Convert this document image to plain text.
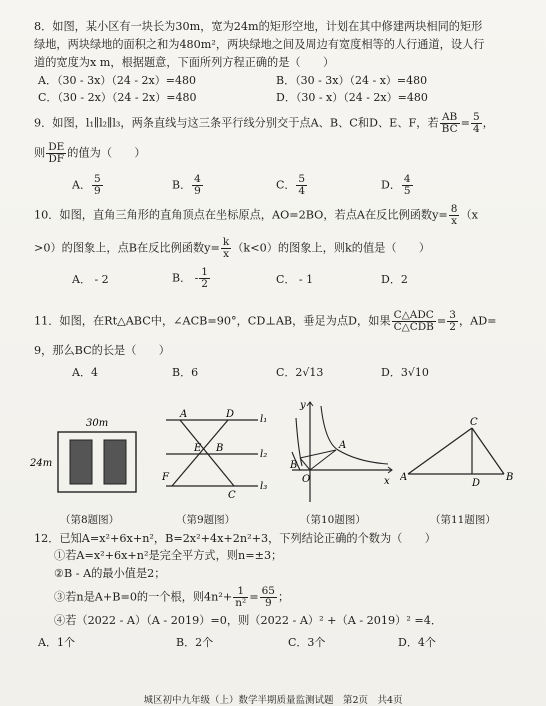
8．如图，某小区有一块长为30m，宽为24m的矩形空地，计划在其中修建两块相同的矩形
绿地，两块绿地的面积之和为480m²，两块绿地之间及周边有宽度相等的人行通道，设人行
道的宽度为x m，根据题意，下面所列方程正确的是（　　）
A．（30 - 3x）（24 - 2x）=480	B．（30 - 3x）（24 - x）=480
C．（30 - 2x）（24 - 2x）=480	D．（30 - x）（24 - 2x）=480
9．如图，l₁∥l₂∥l₃，两条直线与这三条平行线分别交于点A、B、C和D、E、F，若 $\frac{AB}{BC} = \frac{5}{4}$ ，
则 $\frac{DE}{DF}$ 的值为（　　）
A． $\frac{5}{9}$	B． $\frac{4}{9}$	C． $\frac{5}{4}$	D． $\frac{4}{5}$
10．如图，直角三角形的直角顶点在坐标原点，AO=2BO，若点A在反比例函数$y= \frac{8}{x} (x$
>0）的图象上，点B在反比例函数$y= \frac{k}{x} (k<0)$的图象上，则k的值是（　　）
A． - 2	B． - $\frac{1}{2}$	C． - 1	D．2
11．如图，在Rt△ABC中，∠ACB=90°，CD⊥AB，垂足为点D，如果 $\frac{\text{C△ADC}}{\text{C△CDB}} = \frac{3}{2}$ ，AD=
9，那么BC的长是（　　）
A．4	B．6	C．2√13	D．3√10
30m
24m
A	D	l₁
E B
l₂
F
C
l₃
y
A
O
B
x
C
A
D
B
（第8题图）	（第9题图）	（第10题图）	（第11题图）
12．已知A=x²+6x+n²，B=2x²+4x+2n²+3，下列结论正确的个数为（　　）
①若A=x²+6x+n²是完全平方式，则n=±3；
②B - A的最小值是2；
③若n是A+B=0的一个根，则$4n^2+ \frac{1}{\text{n²}} = \frac{65}{9}$ ；
④若（2022 - A）（A - 2019）=0，则（2022 - A）² +（A - 2019）² =4．
A．1个	B．2个	C．3个	D．4个
城区初中九年级（上）数学半期质量监测试题　第2页　共4页
